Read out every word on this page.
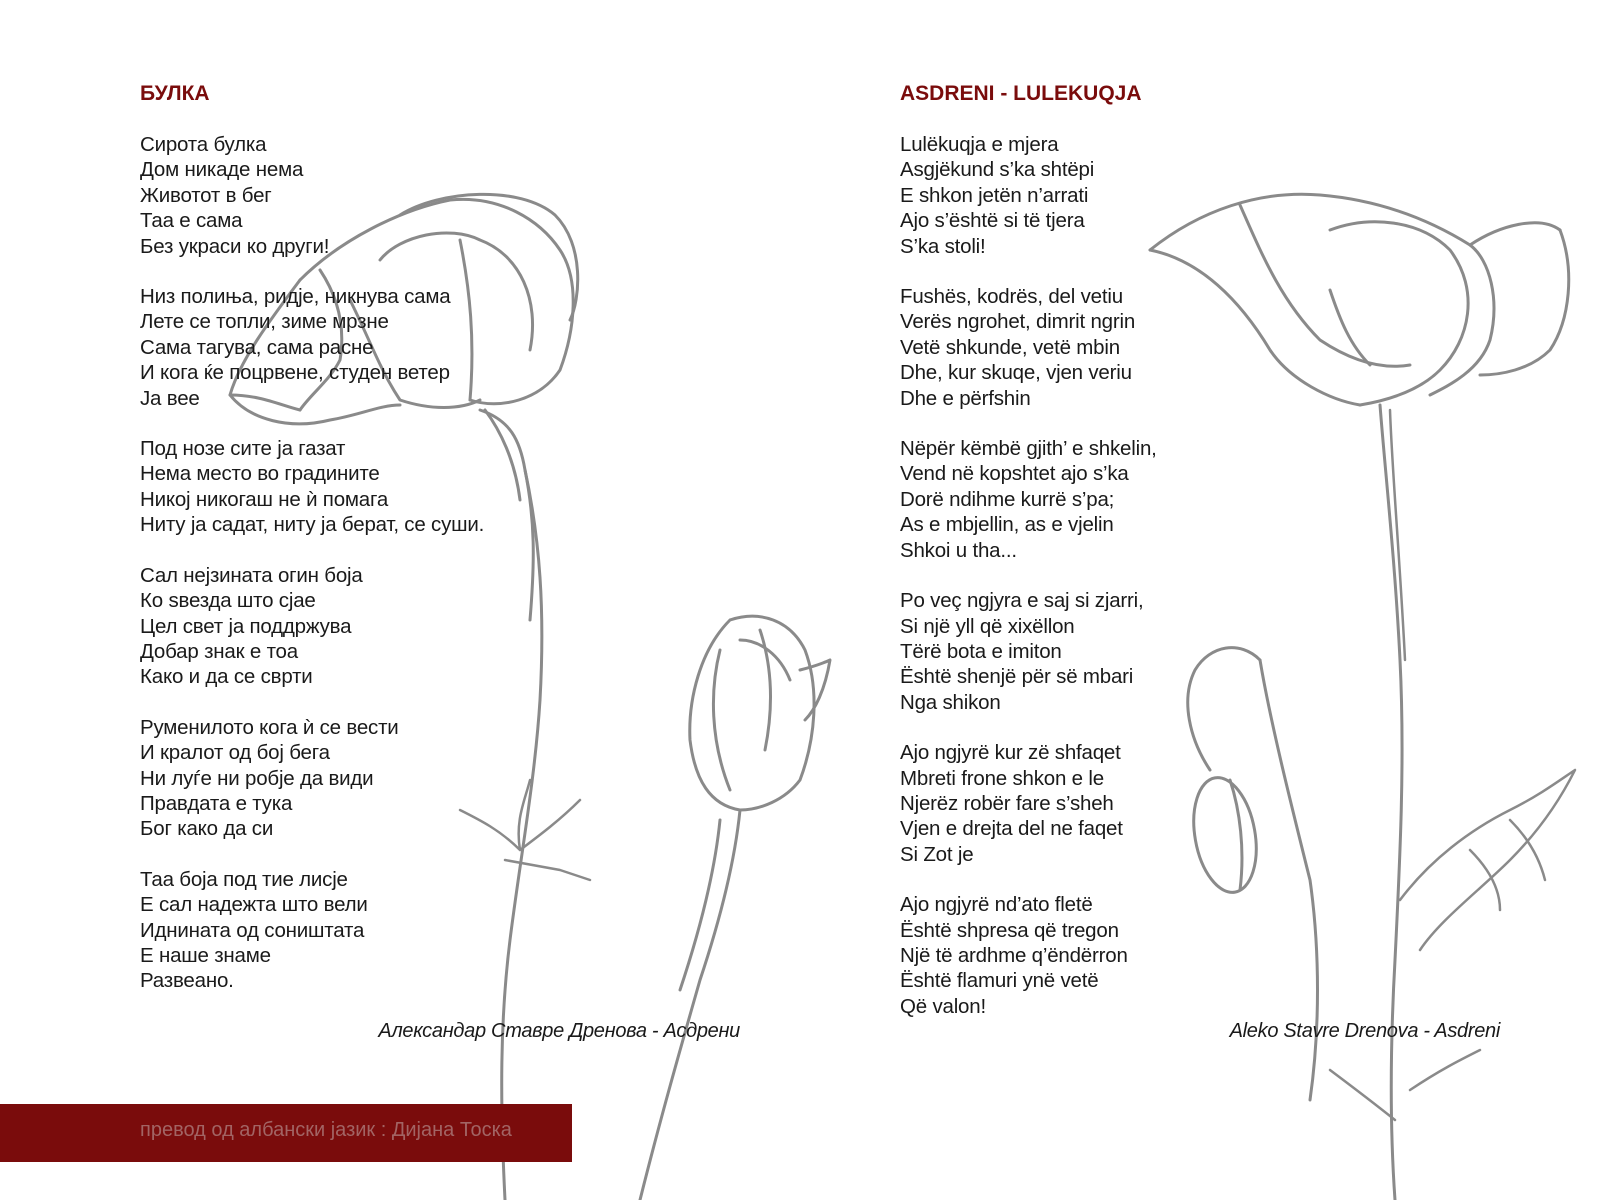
БУЛКА
Сирота булка
Дом никаде нема
Животот в бег
Таа е сама
Без украси ко други!
Низ полиња, ридје, никнува сама
Лете се топли, зиме мрзне
Сама тагува, сама расне
И кога ќе поцрвене, студен ветер
Ја вее
Под нозе сите ја газат
Нема место во градините
Никој никогаш не ѝ помага
Ниту ја садат, ниту ја берат, се суши.
Сал нејзината огин боја
Ко ѕвезда што сјае
Цел свет ја поддржува
Добар знак е тоа
Како и да се сврти
Руменилото кога ѝ се вести
И кралот од бој бега
Ни луѓе ни робје да види
Правдата е тука
Бог како да си
Таа боја под тие лисје
Е сал надежта што вели
Иднината од соништата
Е наше знаме
Развеано.
Александар Ставре Дренова - Асдрени
ASDRENI - LULEKUQJA
Lulëkuqja e mjera
Asgjëkund s’ka shtëpi
E shkon jetën n’arrati
Ajo s’është si të tjera
S’ka stoli!
Fushës, kodrës, del vetiu
Verës ngrohet, dimrit ngrin
Vetë shkunde, vetë mbin
Dhe, kur skuqe, vjen veriu
Dhe e përfshin
Nëpër këmbë gjith’ e shkelin,
Vend në kopshtet ajo s’ka
Dorë ndihme kurrë s’pa;
As e mbjellin, as e vjelin
Shkoi u tha...
Po veç ngjyra e saj si zjarri,
Si një yll që xixëllon
Tërë bota e imiton
Është shenjë për së mbari
Nga shikon
Ajo ngjyrë kur zë shfaqet
Mbreti frone shkon e le
Njerëz robër fare s’sheh
Vjen e drejta del ne faqet
Si Zot je
Ajo ngjyrë nd’ato fletë
Është shpresa që tregon
Një të ardhme q’ëndërron
Është flamuri ynë vetë
Që valon!
Aleko Stavre Drenova - Asdreni
превод од албански јазик : Дијана Тоска
